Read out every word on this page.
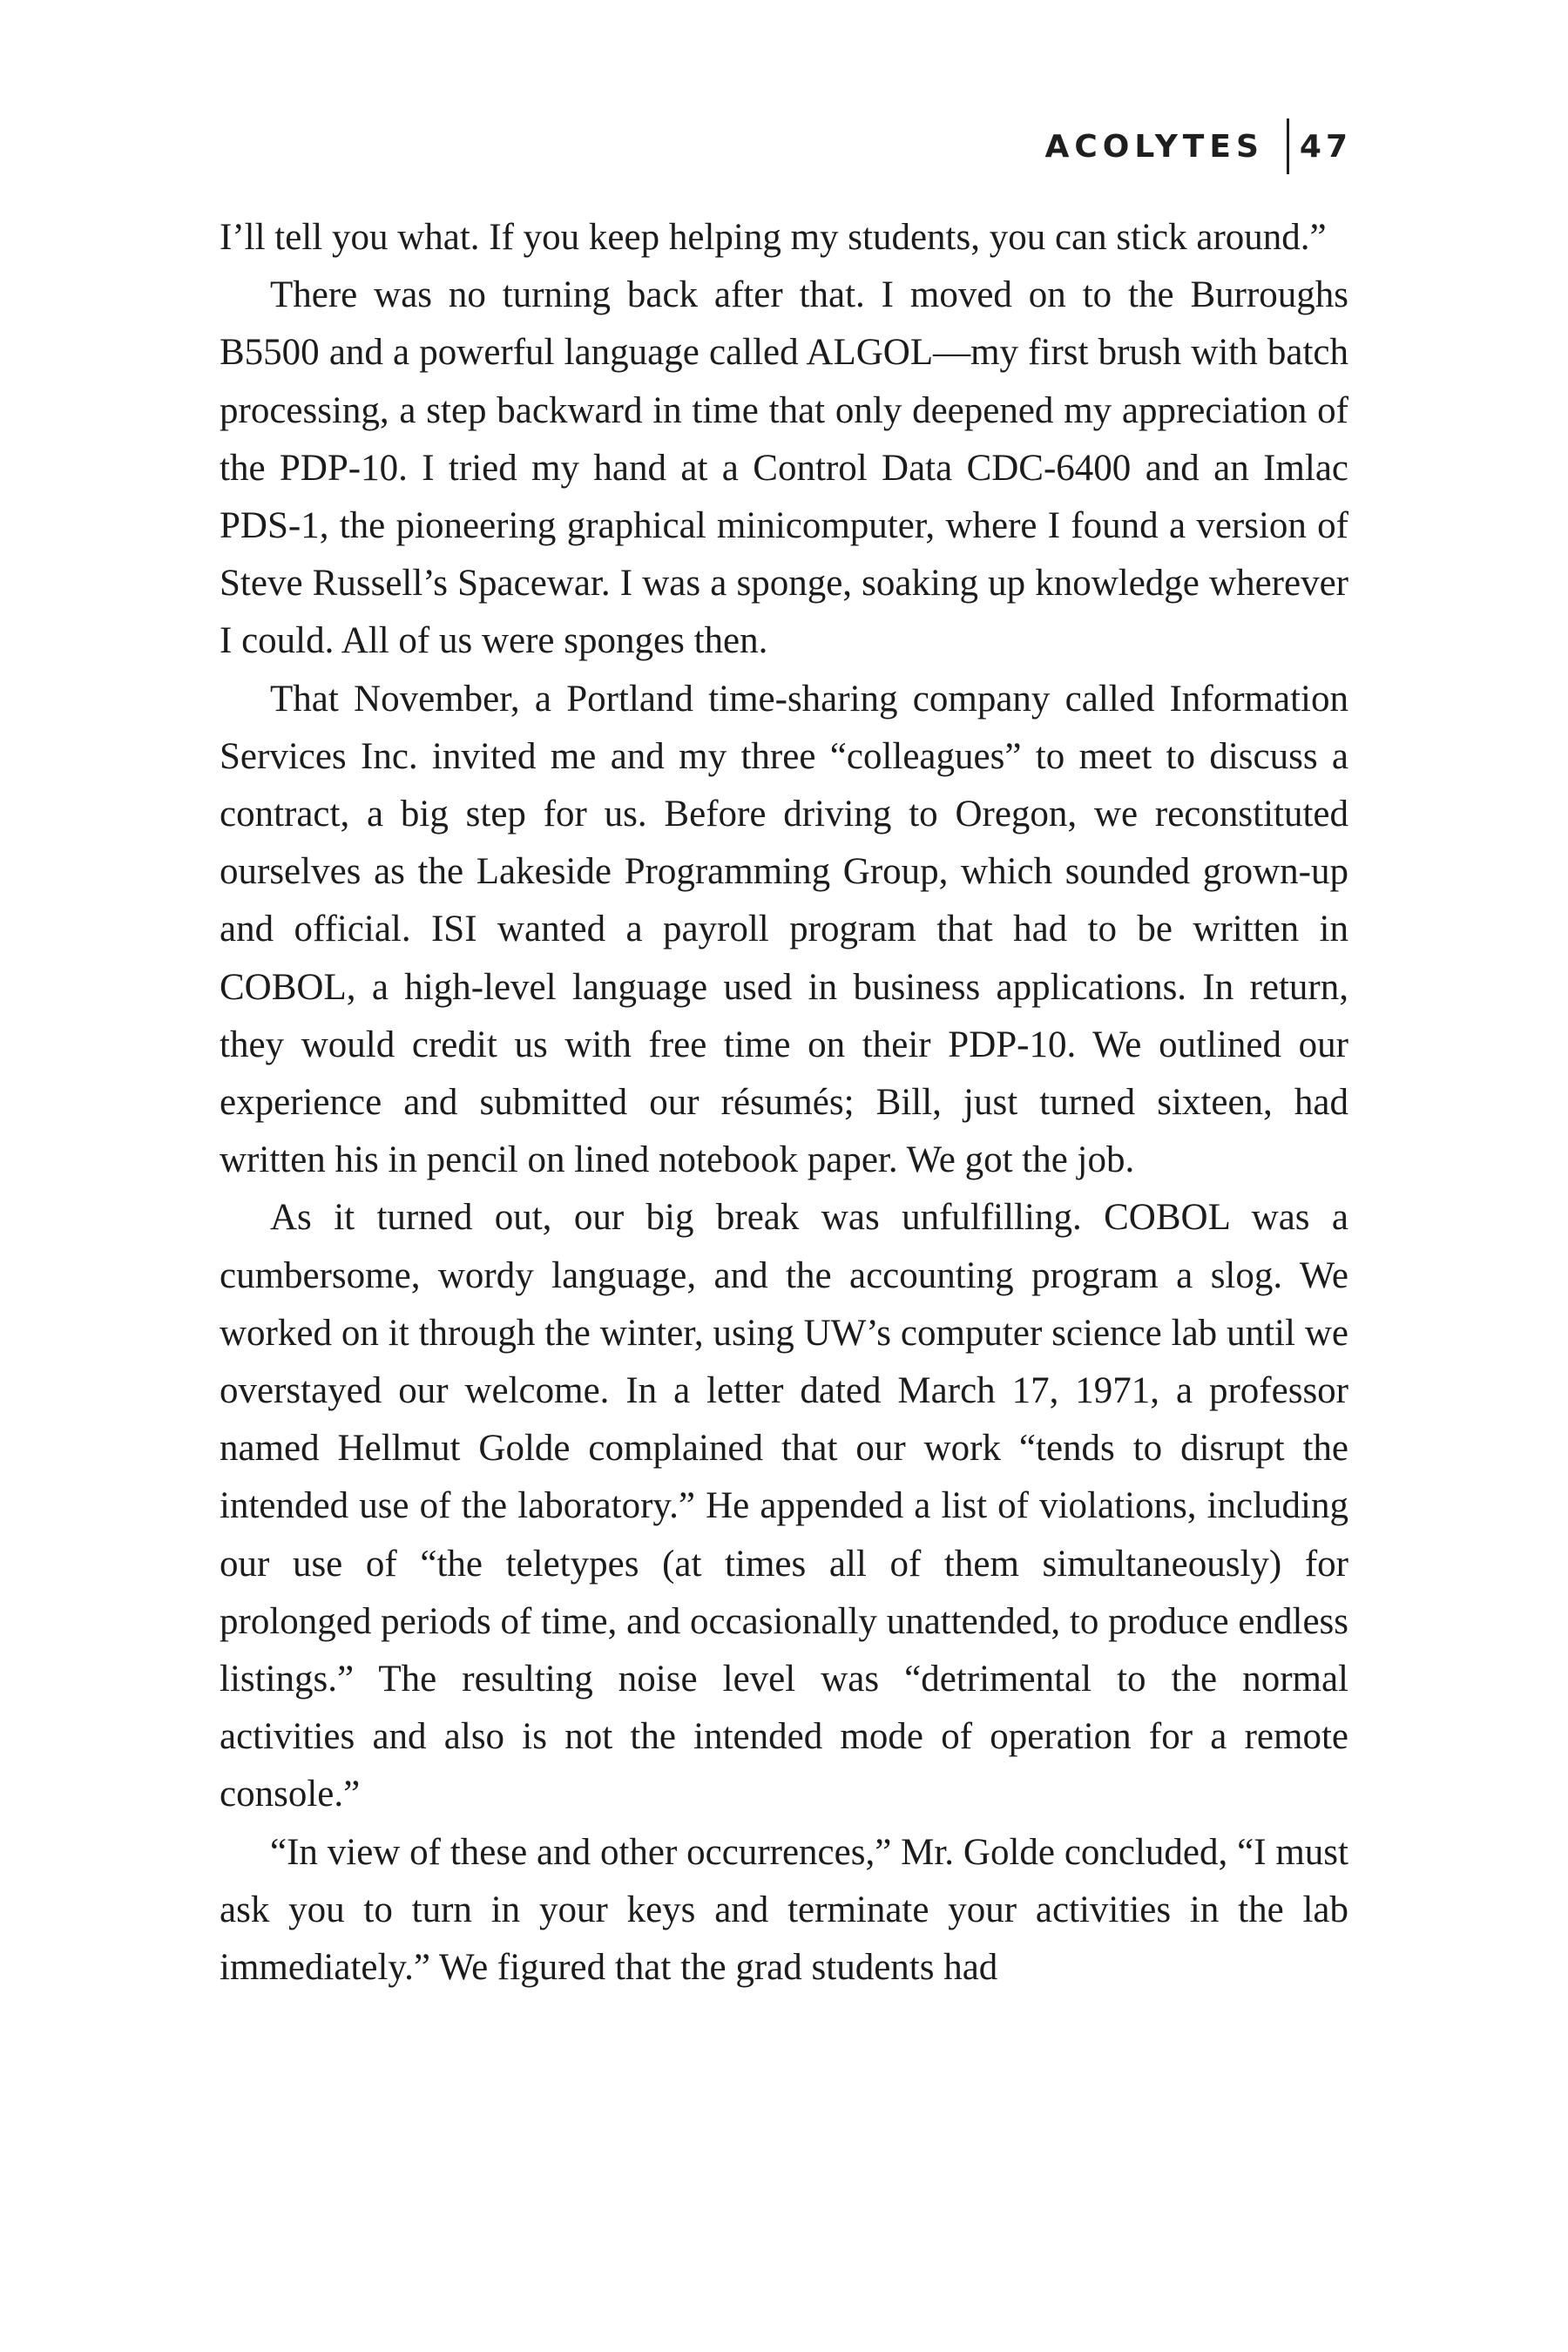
ACOLYTES 47

I’ll tell you what. If you keep helping my students, you can stick around.”

There was no turning back after that. I moved on to the Burroughs B5500 and a powerful language called ALGOL—my first brush with batch processing, a step backward in time that only deepened my appreciation of the PDP-10. I tried my hand at a Control Data CDC-6400 and an Imlac PDS-1, the pioneering graphical minicomputer, where I found a version of Steve Russell’s Spacewar. I was a sponge, soaking up knowledge wherever I could. All of us were sponges then.

That November, a Portland time-sharing company called Information Services Inc. invited me and my three “colleagues” to meet to discuss a contract, a big step for us. Before driving to Oregon, we reconstituted ourselves as the Lakeside Programming Group, which sounded grown-up and official. ISI wanted a payroll program that had to be written in COBOL, a high-level language used in business applications. In return, they would credit us with free time on their PDP-10. We outlined our experience and submitted our résumés; Bill, just turned sixteen, had written his in pencil on lined notebook paper. We got the job.

As it turned out, our big break was unfulfilling. COBOL was a cumbersome, wordy language, and the accounting program a slog. We worked on it through the winter, using UW’s computer science lab until we overstayed our welcome. In a letter dated March 17, 1971, a professor named Hellmut Golde complained that our work “tends to disrupt the intended use of the laboratory.” He appended a list of violations, including our use of “the teletypes (at times all of them simultaneously) for prolonged periods of time, and occasionally unattended, to produce endless listings.” The resulting noise level was “detrimental to the normal activities and also is not the intended mode of operation for a remote console.”

“In view of these and other occurrences,” Mr. Golde concluded, “I must ask you to turn in your keys and terminate your activities in the lab immediately.” We figured that the grad students had
